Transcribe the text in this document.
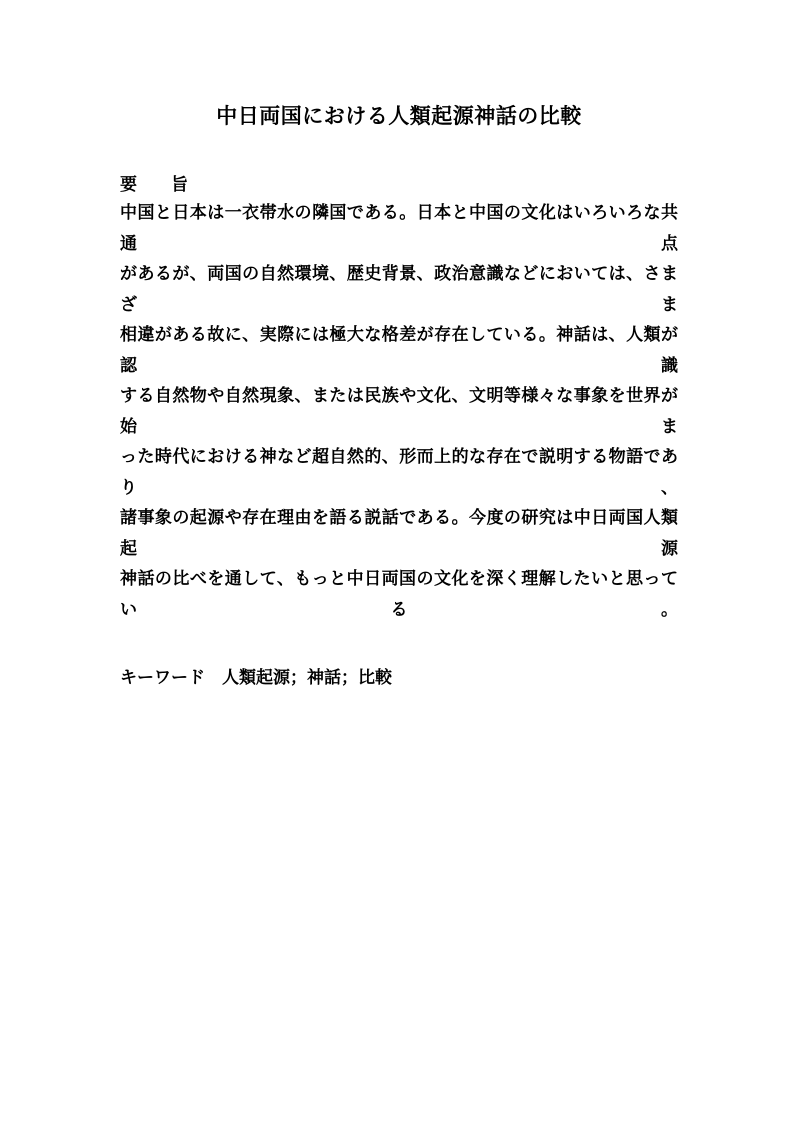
中日両国における人類起源神話の比較
要　　旨
中国と日本は一衣帯水の隣国である。日本と中国の文化はいろいろな共通点
があるが、両国の自然環境、歴史背景、政治意識などにおいては、さまざま
相違がある故に、実際には極大な格差が存在している。神話は、人類が認識
する自然物や自然現象、または民族や文化、文明等様々な事象を世界が始ま
った時代における神など超自然的、形而上的な存在で説明する物語であり、
諸事象の起源や存在理由を語る説話である。今度の研究は中日両国人類起源
神話の比べを通して、もっと中日両国の文化を深く理解したいと思っている。
キーワード　人類起源；神話；比較
